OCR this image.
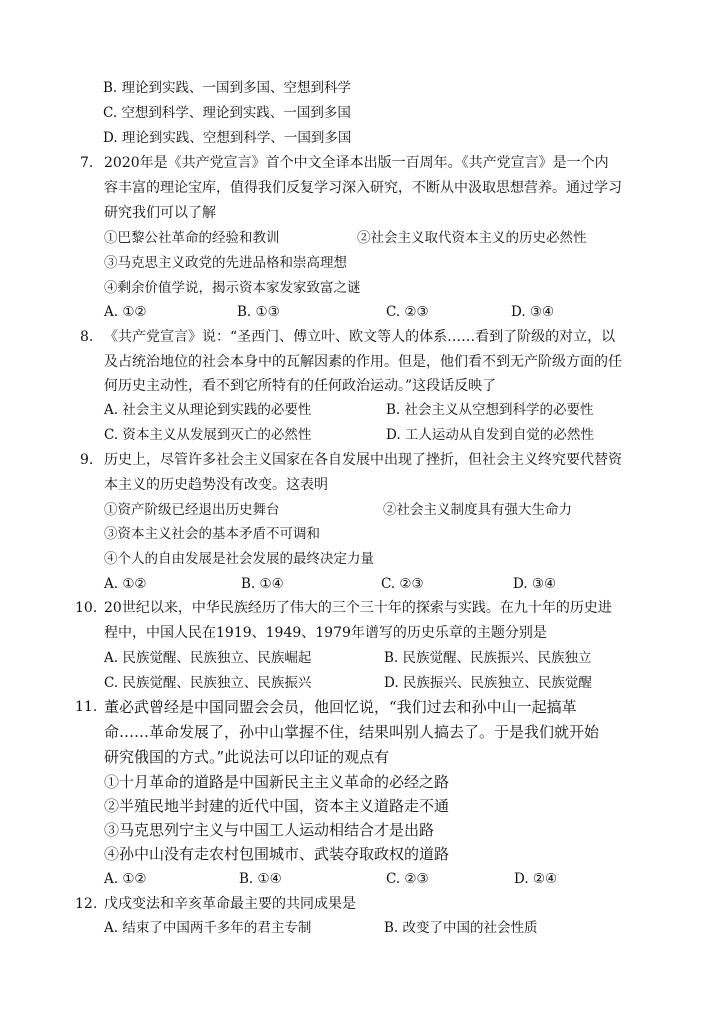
B. 理论到实践、一国到多国、空想到科学
C. 空想到科学、理论到实践、一国到多国
D. 理论到实践、空想到科学、一国到多国
7. 2020年是《共产党宣言》首个中文全译本出版一百周年。《共产党宣言》是一个内
容丰富的理论宝库，值得我们反复学习深入研究，不断从中汲取思想营养。通过学习
研究我们可以了解
①巴黎公社革命的经验和教训	②社会主义取代资本主义的历史必然性
③马克思主义政党的先进品格和崇高理想
④剩余价值学说，揭示资本家发家致富之谜
A. ①②	B. ①③	C. ②③	D. ③④
8. 《共产党宣言》说：“圣西门、傅立叶、欧文等人的体系……看到了阶级的对立，以
及占统治地位的社会本身中的瓦解因素的作用。但是，他们看不到无产阶级方面的任
何历史主动性，看不到它所特有的任何政治运动。”这段话反映了
A. 社会主义从理论到实践的必要性	B. 社会主义从空想到科学的必要性
C. 资本主义从发展到灭亡的必然性	D. 工人运动从自发到自觉的必然性
9. 历史上，尽管许多社会主义国家在各自发展中出现了挫折，但社会主义终究要代替资
本主义的历史趋势没有改变。这表明
①资产阶级已经退出历史舞台	②社会主义制度具有强大生命力
③资本主义社会的基本矛盾不可调和
④个人的自由发展是社会发展的最终决定力量
A. ①②	B. ①④	C. ②③	D. ③④
10. 20世纪以来，中华民族经历了伟大的三个三十年的探索与实践。在九十年的历史进
程中，中国人民在1919、1949、1979年谱写的历史乐章的主题分别是
A. 民族觉醒、民族独立、民族崛起	B. 民族觉醒、民族振兴、民族独立
C. 民族觉醒、民族独立、民族振兴	D. 民族振兴、民族独立、民族觉醒
11. 董必武曾经是中国同盟会会员，他回忆说，“我们过去和孙中山一起搞革
命……革命发展了，孙中山掌握不住，结果叫别人搞去了。于是我们就开始
研究俄国的方式。”此说法可以印证的观点有
①十月革命的道路是中国新民主主义革命的必经之路
②半殖民地半封建的近代中国，资本主义道路走不通
③马克思列宁主义与中国工人运动相结合才是出路
④孙中山没有走农村包围城市、武装夺取政权的道路
A. ①②	B. ①④	C. ②③	D. ②④
12. 戊戌变法和辛亥革命最主要的共同成果是
A. 结束了中国两千多年的君主专制	B. 改变了中国的社会性质
